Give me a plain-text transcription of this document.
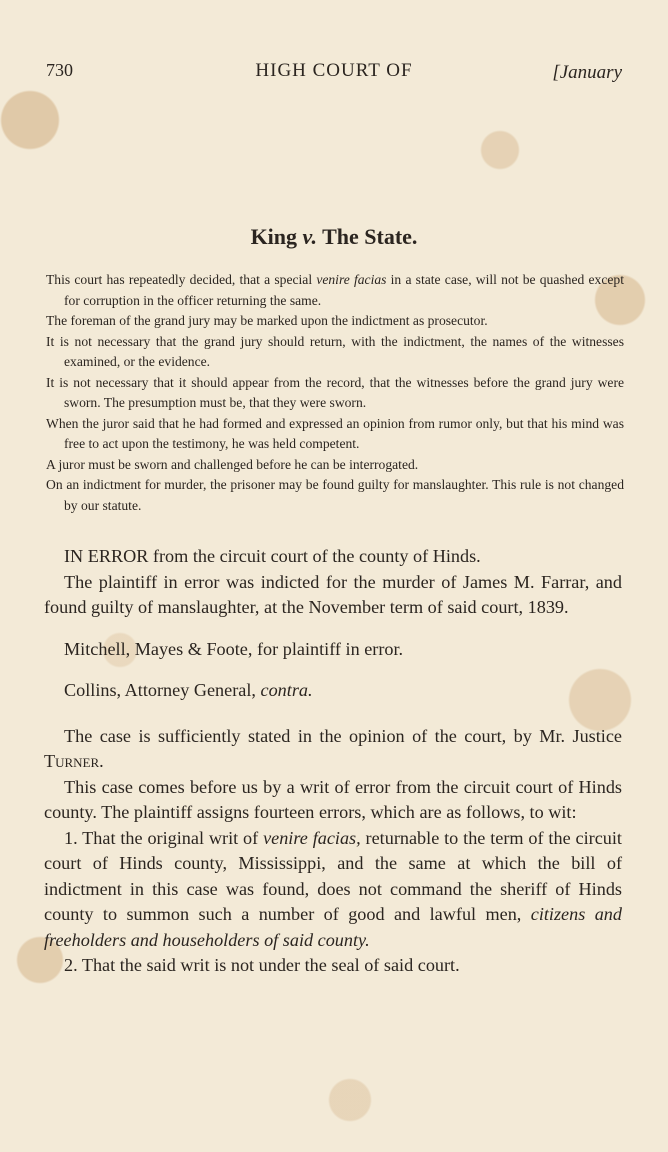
730	HIGH COURT OF	[January
King v. The State.

This court has repeatedly decided, that a special venire facias in a state case, will not be quashed except for corruption in the officer returning the same.

The foreman of the grand jury may be marked upon the indictment as prosecutor.

It is not necessary that the grand jury should return, with the indictment, the names of the witnesses examined, or the evidence.

It is not necessary that it should appear from the record, that the witnesses before the grand jury were sworn. The presumption must be, that they were sworn.

When the juror said that he had formed and expressed an opinion from rumor only, but that his mind was free to act upon the testimony, he was held competent.

A juror must be sworn and challenged before he can be interrogated.

On an indictment for murder, the prisoner may be found guilty for manslaughter. This rule is not changed by our statute.

IN ERROR from the circuit court of the county of Hinds.

The plaintiff in error was indicted for the murder of James M. Farrar, and found guilty of manslaughter, at the November term of said court, 1839.

Mitchell, Mayes & Foote, for plaintiff in error.

Collins, Attorney General, contra.

The case is sufficiently stated in the opinion of the court, by Mr. Justice Turner.

This case comes before us by a writ of error from the circuit court of Hinds county. The plaintiff assigns fourteen errors, which are as follows, to wit:

1. That the original writ of venire facias, returnable to the term of the circuit court of Hinds county, Mississippi, and the same at which the bill of indictment in this case was found, does not command the sheriff of Hinds county to summon such a number of good and lawful men, citizens and freeholders and householders of said county.

2. That the said writ is not under the seal of said court.
